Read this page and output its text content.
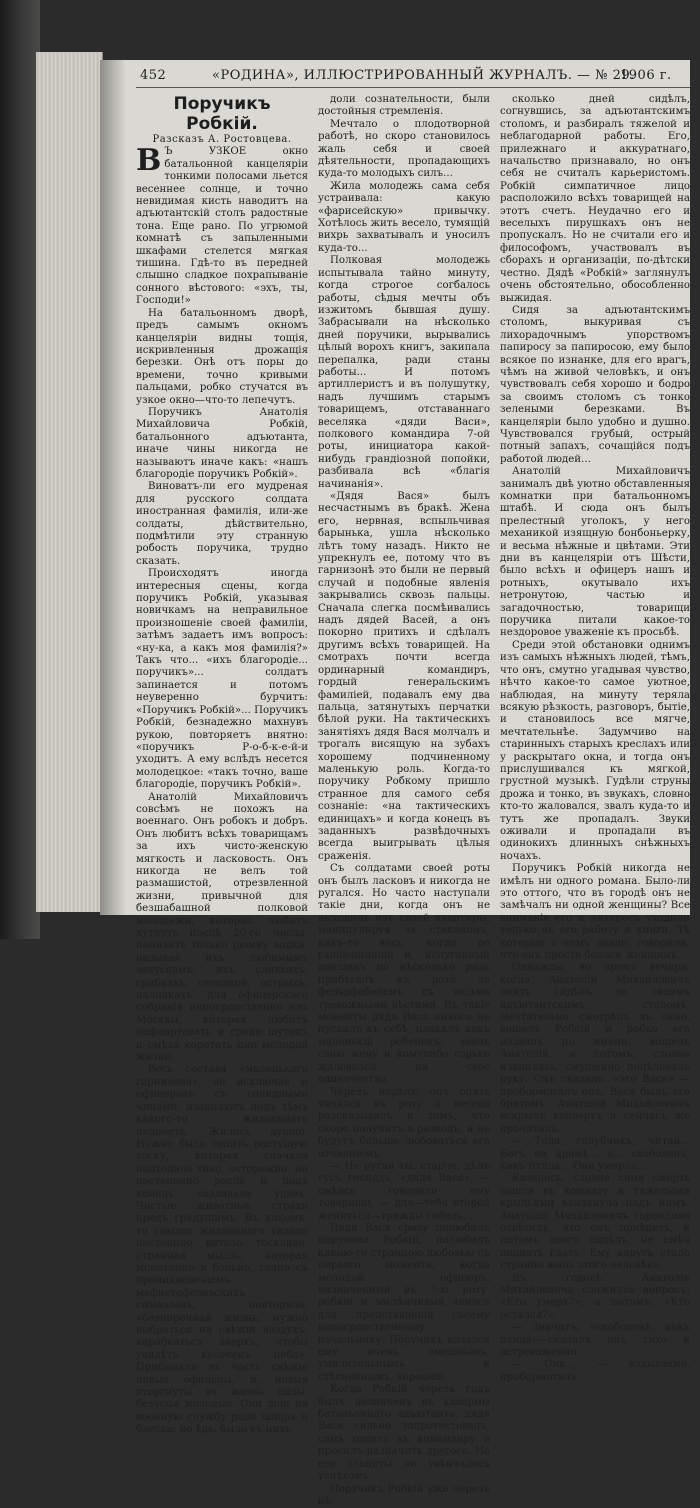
452	«РОДИНА», ИЛЛЮСТРИРОВАННЫЙ ЖУРНАЛЪ. — № 29.
1906 г.

Поручикъ Робкій.

Разсказъ А. Ростовцева.

В Ъ УЗКОЕ окно батальонной канцеляріи тонкими полосами льется весеннее солнце, и точно невидимая кисть наводитъ на адъютантскій столъ радостные тона. Еще рано. По угрюмой комнатѣ съ запыленными шкафами стелется мягкая тишина. Гдѣ-то въ передней слышно сладкое похрапываніе сонного вѣстового: «эхъ, ты, Господи!»

На батальонномъ дворѣ, предъ самымъ окномъ канцеляріи видны тощія, искривленныя дрожащія березки. Онѣ отъ поры до времени, точно кривыми пальцами, робко стучатся въ узкое окно—что-то лепечутъ.

Поручикъ Анатолія Михайловича Робкій, батальонного адъютанта, иначе чины никогда не называютъ иначе какъ: «нашъ благородіе поручикъ Робкій».

Виноватъ-ли его мудреная для русского солдата иностранная фамилія, или-же солдаты, дѣйствительно, подмѣтили эту странную робость поручика, трудно сказать.

Происходятъ иногда интересныя сцены, когда поручикъ Робкій, указывая новичкамъ на неправильное произношеніе своей фамиліи, затѣмъ задаетъ имъ вопросъ: «ну-ка, а какъ моя фамилія?» Такъ что... «ихъ благородіе... поручикъ»... солдатъ запинается и потомъ неуверенно бурчитъ: «Поручикъ Робкій»... Поручикъ Робкій, безнадежно махнувъ рукою, повторяетъ внятно: «поручикъ Р-о-б-к-е-й-и уходитъ. А ему вслѣдъ несется молодецкое: «такъ точно, ваше благородіе, поручикъ Робкій».

Анатолій Михайловичъ совсѣмъ не похожъ на военнаго. Онъ робокъ и добръ. Онъ любитъ всѣхъ товарищамъ за ихъ чисто-женскую мягкость и ласковость. Онъ никогда не велъ той размашистой, отрезвленной жизни, привычной для безшабашной полковой молодежи, которая любитъ кутнуть послѣ 20-го числа, понизить только рюмку водки, называя ихъ любимымъ закускамъ: ихъ сливкахъ, грибкахъ, селедкой, острыхъ, наливкахъ, для офицерскаго собранія непосредственно изъ Москвы, которая любитъ пофлиртовать и среди шутокъ и смѣха коротать дни молодой жизни.

Весь состава «маленькаго гарнизона», не исключая и офицеровъ съ солидными чинами, извиняютъ подъ тѣмъ какого-то жизненнаго недочета. Жилось душно. Нужно было топить растущую тоску, которая сначала подходила тихо, осторожно, но постепенно росла и подъ конецъ создавала удавъ. Чистые животные страхи предъ грядущимъ. Въ какомъ-то унылое жизненнаго уклада постоянно витало тоскливо-странная мысль, которая монотонно и больно, точно съ проникновеніемъ мефистофелевскихъ символовъ, повторяла: «безпорочная жизнь, нужно выбраться на свѣжій воздухъ, карабкаться вверхъ, чтобы увидѣть кусочекъ неба». Прибывали въ часть свѣжіе новые офицеры, и, новыя вторгнуты въ жизнь силы, безусые молодые. Они шли на военную службу ради шпоръ и блеска; но ѣдь, было въ нихъ

доли сознательности, были достойныя стремленія.

Мечтало о плодотворной работѣ, но скоро становилось жаль себя и своей дѣятельности, пропадающихъ куда-то молодыхъ силъ...

Жила молодежь сама себя устраивала: какую «фарисейскую» привычку. Хотѣлось жить весело, тумящій вихрь захватывалъ и уносилъ куда-то...

Полковая молодежь испытывала тайно минуту, когда строгое согбалось работы, сѣдыя мечты объ изжитомъ бывшая душу. Забрасывали на нѣсколько дней поручики, вырывались цѣлый ворохъ книгъ, закипала перепалка, ради станы работы... И потомъ артиллеристъ и въ полушутку, надъ лучшимъ старымъ товарищемъ, отставаннаго веселяка «дяди Васи», полкового командира 7-ой роты, инициатора какой-нибудь грандіозной попойки, разбивала всѣ «благія начинанія».

«Дядя Вася» былъ несчастнымъ въ бракѣ. Жена его, нервная, вспыльчивая барынька, ушла нѣсколько лѣтъ тому назадъ. Никто не упрекнулъ ее, потому что въ гарнизонѣ это были не первый случай и подобные явленія закрывались сквозь пальцы. Сначала слегка посмѣивались надъ дядей Васей, а онъ покорно притихъ и сдѣлалъ другимъ всѣхъ товарищей. На смотрахъ почти всегда ординарный командиръ, гордый генеральскимъ фамиліей, подавалъ ему два пальца, затянутыхъ перчатки бѣлой руки. На тактическихъ занятіяхъ дядя Вася молчалъ и трогалъ висящую на зубахъ хорошему подчиненному маленькую роль. Когда-то поручику Робкому пришло странное для самого себя сознаніе: «на тактическихъ единицахъ» и когда конецъ въ заданныхъ развѣдочныхъ всегда выигрывать цѣлыя сраженія.

Съ солдатами своей роты онъ былъ ласковъ и никогда не ругался. Но часто наступали такіе дни, когда онъ не выходилъ изъ своей квартиры, манипулируя за стаканомъ, какъ-то весь, когда до галлюцинаціи и, испуганный денщикъ по нѣсколько разъ прибѣгалъ къ роте за фельдфебелемъ съ весьма тревожными вѣстями. Въ такіе моменты дядя Вася никого не пускалъ къ себѣ, плакалъ какъ маленькій ребенокъ, звалъ свою жену и комулибо горько жаловался на свое одиночество.

Черезъ недѣлю онъ опять являлся въ роту и весело разсказывалъ о томъ, что скоро получитъ в разводъ, и не будутъ больше любоваться его отчаяніемъ.

— Не ругай ты, старче, дѣлъ гусъ господъ, «дядя Вася», —смѣясь говорили ему товарищи, — для—тебя второй жениться—трижды гибель...

Дядя Вася сразу полюбилъ поручика Робкій, полюбилъ какою-то странною любовью съ перваго момента, когда молодой офицеръ, назначенный въ 7-ю роту, робкій и застѣнчивый явился для представленія своему непосредственному начальнику. Поручикъ казался ему очень смешнымъ, умилительнымъ и стѣсненнымъ, хорошей.

Когда Робкій черезъ годъ былъ назначенъ въ казармы батальоннаго адъютанта, дядя Вася сильно запротестовалъ, самъ ходилъ къ командиру и просилъ назначить другого. Но его хлопоты не увѣнчались успѣхомъ.

Поручикъ Робкій уже черезъ нѣ-

сколько дней сидѣлъ, согнувшись, за адъютантскимъ столомъ, и разбиралъ тяжелой и неблагодарной работы. Его, прилежнаго и аккуратнаго, начальство признавало, но онъ себя не считалъ карьеристомъ. Робкій симпатичное лицо расположило всѣхъ товарищей на этотъ счетъ. Неудачно его и веселыхъ пирушкахъ онъ не пропускалъ. Но не считали его и философомъ, участвовалъ въ сборахъ и организаціи, по-дѣтски честно. Дядѣ «Робкій» заглянулъ очень обстоятельно, обособленно выжидая.

Сидя за адъютантскимъ столомъ, выкуривая съ лихорадочнымъ упорствомъ папиросу за папиросою, ему было всякое по изнанке, для его врагъ, чѣмъ на живой человѣкъ, и онъ чувствовалъ себя хорошо и бодро за своимъ столомъ съ тонко зелеными березками. Въ канцеляріи было удобно и душно. Чувствовался грубый, острый потный запахъ, сочащійся подъ работой людей...

Анатолій Михайловичъ занималъ двѣ уютно обставленныя комнатки при батальонномъ штабѣ. И сюда онъ былъ прелестный уголокъ, у него механикой изящную бонбоньерку, и весьма нѣжные и цвѣтами. Эти дни въ канцеляріи отъ Шѣсти, было всѣхъ и офицеръ нашъ и ротныхъ, окутывало ихъ нетронутою, частью и загадочностью, товарищи поручика питали какое-то нездоровое уваженіе къ просьбѣ.

Среди этой обстановки однимъ изъ самыхъ нѣжныхъ людей, тѣмъ, что онъ, смутно угадывая чувство, нѣчто какое-то самое уютное, наблюдая, на минуту теряла всякую рѣзкость, разговоръ, бытіе, и становилось все мягче, мечтательнѣе. Задумчиво на старинныхъ старыхъ креслахъ или у раскрытаго окна, и тогда онъ прислушивался къ мягкой, грустной музыкѣ. Гудѣли струны дрожа и тонко, въ звукахъ, словно кто-то жаловался, звалъ куда-то и тутъ же пропадалъ. Звуки оживали и пропадали въ одинокихъ длинныхъ снѣжныхъ ночахъ.

Поручикъ Робкій никогда не имѣлъ ни одного романа. Было-ли это оттого, что въ городѣ онъ не замѣчалъ ни одной женщины? Все вниманіе его и интересъ уходили только въ его работу и книги. Тѣ которые о немъ знали, говорили, что онъ просто боялся женщинъ.

Однажды, во время вечера, когда Анатолій Михайловичъ опять сидѣлъ за своимъ адъютантскимъ столомъ, мечтательно смотрѣлъ въ окно, вошелъ Робкій и робко его назвалъ по имени, вошелъ Анатолій, а потомъ, словно извиняясь, смущенно поцѣловалъ руку. Онъ сказалъ: «это Вася» — пробормоталъ онъ. Вася былъ его братомъ. Анатолій Михайловичъ вскрылъ конвертъ и сейчасъ же прочиталъ.

— Толя, голубчикъ, читай... Богъ на драмѣ... я... свободенъ, какъ птица... Она умерла...

Казалось, словно сама смерть вошла въ комнату и тяжелыми крыльями взмахнула надъ нимъ. Анатолій Михайловичъ торопливо отвѣтилъ, что онъ приѣдетъ, и потомъ долго сидѣлъ, не смѣя поднять глазъ. Ему вдругъ стало странно жаль этого человѣка.

Въ годовѣ Анатолія Михайловича сложился вопросъ: «Кто умеръ?», а потомъ: «Кто остался?».

— Значитъ, «свободенъ, какъ птица»—сказалъ онъ тихо и встревоженно.

— Она... — вздыхаемо, пробормоталъ
